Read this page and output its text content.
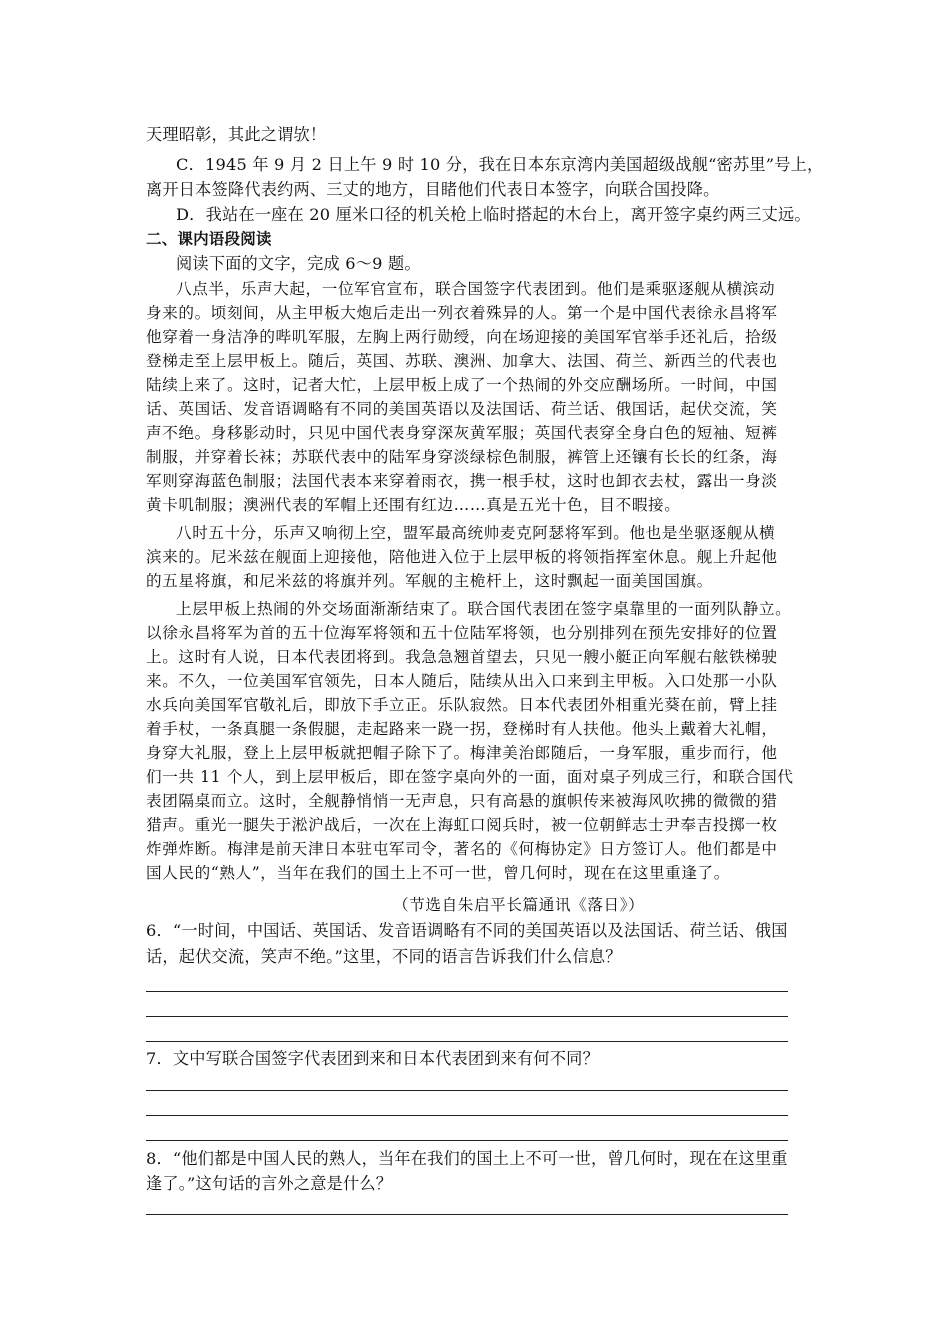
天理昭彰，其此之谓欤！
C．1945 年 9 月 2 日上午 9 时 10 分，我在日本东京湾内美国超级战舰“密苏里”号上，
离开日本签降代表约两、三丈的地方，目睹他们代表日本签字，向联合国投降。
D．我站在一座在 20 厘米口径的机关枪上临时搭起的木台上，离开签字桌约两三丈远。
二、课内语段阅读
阅读下面的文字，完成 6～9 题。
八点半，乐声大起，一位军官宣布，联合国签字代表团到。他们是乘驱逐舰从横滨动
身来的。顷刻间，从主甲板大炮后走出一列衣着殊异的人。第一个是中国代表徐永昌将军
他穿着一身洁净的哔叽军服，左胸上两行勋绶，向在场迎接的美国军官举手还礼后，拾级
登梯走至上层甲板上。随后，英国、苏联、澳洲、加拿大、法国、荷兰、新西兰的代表也
陆续上来了。这时，记者大忙，上层甲板上成了一个热闹的外交应酬场所。一时间，中国
话、英国话、发音语调略有不同的美国英语以及法国话、荷兰话、俄国话，起伏交流，笑
声不绝。身移影动时，只见中国代表身穿深灰黄军服；英国代表穿全身白色的短袖、短裤
制服，并穿着长袜；苏联代表中的陆军身穿淡绿棕色制服，裤管上还镶有长长的红条，海
军则穿海蓝色制服；法国代表本来穿着雨衣，携一根手杖，这时也卸衣去杖，露出一身淡
黄卡叽制服；澳洲代表的军帽上还围有红边……真是五光十色，目不暇接。
八时五十分，乐声又响彻上空，盟军最高统帅麦克阿瑟将军到。他也是坐驱逐舰从横
滨来的。尼米兹在舰面上迎接他，陪他进入位于上层甲板的将领指挥室休息。舰上升起他
的五星将旗，和尼米兹的将旗并列。军舰的主桅杆上，这时飘起一面美国国旗。
上层甲板上热闹的外交场面渐渐结束了。联合国代表团在签字桌靠里的一面列队静立。
以徐永昌将军为首的五十位海军将领和五十位陆军将领，也分别排列在预先安排好的位置
上。这时有人说，日本代表团将到。我急急翘首望去，只见一艘小艇正向军舰右舷铁梯驶
来。不久，一位美国军官领先，日本人随后，陆续从出入口来到主甲板。入口处那一小队
水兵向美国军官敬礼后，即放下手立正。乐队寂然。日本代表团外相重光葵在前，臂上挂
着手杖，一条真腿一条假腿，走起路来一跷一拐，登梯时有人扶他。他头上戴着大礼帽，
身穿大礼服，登上上层甲板就把帽子除下了。梅津美治郎随后，一身军服，重步而行，他
们一共 11 个人，到上层甲板后，即在签字桌向外的一面，面对桌子列成三行，和联合国代
表团隔桌而立。这时，全舰静悄悄一无声息，只有高悬的旗帜传来被海风吹拂的微微的猎
猎声。重光一腿失于淞沪战后，一次在上海虹口阅兵时，被一位朝鲜志士尹奉吉投掷一枚
炸弹炸断。梅津是前天津日本驻屯军司令，著名的《何梅协定》日方签订人。他们都是中
国人民的“熟人”，当年在我们的国土上不可一世，曾几何时，现在在这里重逢了。
（节选自朱启平长篇通讯《落日》）
6．“一时间，中国话、英国话、发音语调略有不同的美国英语以及法国话、荷兰话、俄国
话，起伏交流，笑声不绝。”这里，不同的语言告诉我们什么信息？
7．文中写联合国签字代表团到来和日本代表团到来有何不同？
8．“他们都是中国人民的熟人，当年在我们的国土上不可一世，曾几何时，现在在这里重
逢了。”这句话的言外之意是什么？
